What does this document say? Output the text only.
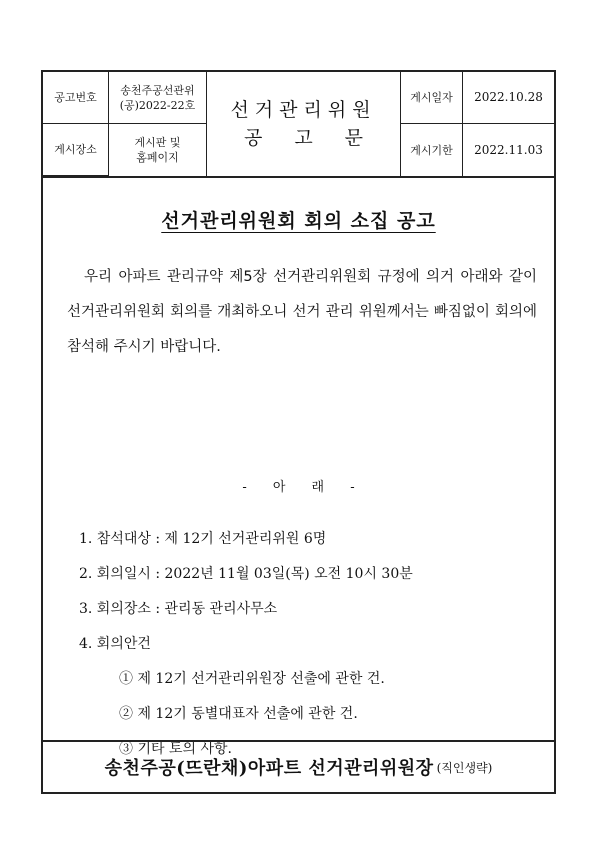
공고번호
송천주공선관위
(공)2022-22호
게시장소
게시판 및
홈페이지
선거관리위원
공고문
게시일자	2022.10.28
게시기한	2022.11.03
선거관리위원회 회의 소집 공고

우리 아파트 관리규약 제5장 선거관리위원회 규정에 의거 아래와 같이 선거관리위원회 회의를 개최하오니 선거 관리 위원께서는 빠짐없이 회의에 참석해 주시기 바랍니다.

- 아 래 -
1. 참석대상 : 제 12기 선거관리위원 6명
2. 회의일시 : 2022년 11월 03일(목) 오전 10시 30분
3. 회의장소 : 관리동 관리사무소
4. 회의안건
① 제 12기 선거관리위원장 선출에 관한 건.
② 제 12기 동별대표자 선출에 관한 건.
③ 기타 토의 사항.
송천주공(뜨란채)아파트 선거관리위원장 (직인생략)
